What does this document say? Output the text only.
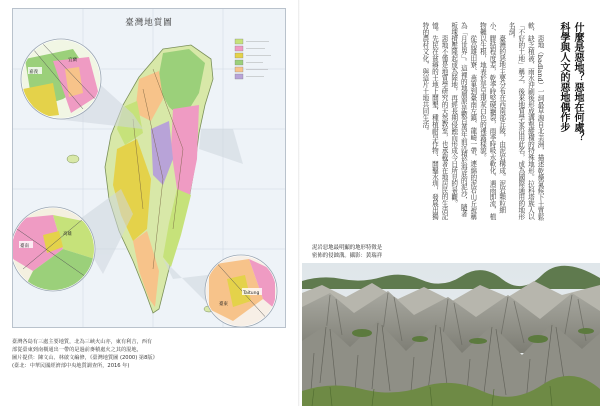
嘉義
宜蘭
臺南
高雄
Taitung
臺東
臺灣地質圖
臺灣各島有三處主要地質，北為三峽火山亦，東有利吉，西有
部從臺東到南橫通出一帶的是過前麥積處火之其的混地，
圖片提供：陳文山、林啟文編修，《臺灣地質圖 (2000) 第8版》
(臺北：中華民國經濟部中央地質調查所，2016 年)
什麼是惡地？惡地在何處？
科學與人文的惡地偶作步

惡地（badland）一詞最早源自北美洲，描述乾燥氣候下土質鬆軟、缺乏植被、雨水沖刷後形成溝壑縱橫的特殊地形。拉科塔族人以「不好的土地」稱之，後來地質學家沿用此名，成為國際通用的地形名詞。

臺灣的惡地主要分布在西南部丘陵，由泥岩構成。泥岩顆粒細小、膠結程度差，乾季時堅硬龜裂，雨季時吸水軟化、遇雨即流，植物難以生根，地表於是呈現灰白色的裸露樣貌。

從高雄田寮、燕巢到臺南左鎮、龍崎一帶，連綿的泥岩山丘被稱為「月世界」。這裡的地層原是數百萬年前沉積於海底的泥沙，隨著板塊擠壓隆起成為陸地，再經長期侵蝕而形成今日所見的景觀。

惡地不僅是地質學研究的天然教室，也承載著在地居民的生活記憶。先民在貧瘠的土地上開墾，種植耐旱作物、開鑿水圳，發展出獨特的農村文化，與這片土地共同生活。

泥岩惡地最明顯的地形特徵是
密佈的侵蝕溝。攝影：黃瑞祥
